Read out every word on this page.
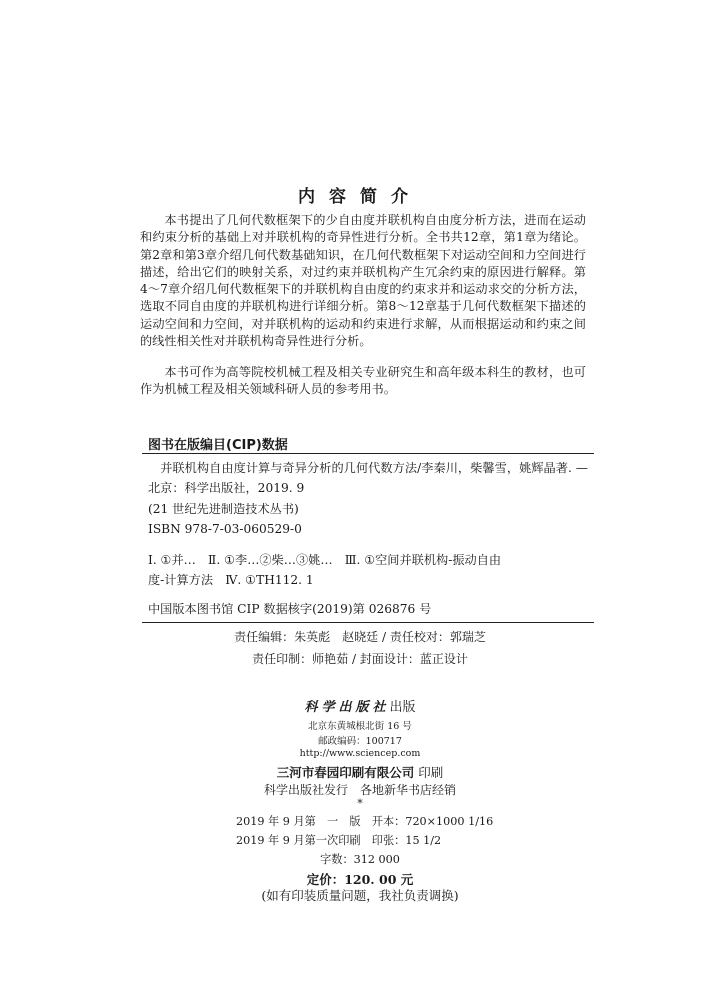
内容简介

本书提出了几何代数框架下的少自由度并联机构自由度分析方法，进而在运动和约束分析的基础上对并联机构的奇异性进行分析。全书共12章，第1章为绪论。第2章和第3章介绍几何代数基础知识，在几何代数框架下对运动空间和力空间进行描述，给出它们的映射关系，对过约束并联机构产生冗余约束的原因进行解释。第4～7章介绍几何代数框架下的并联机构自由度的约束求并和运动求交的分析方法，选取不同自由度的并联机构进行详细分析。第8～12章基于几何代数框架下描述的运动空间和力空间，对并联机构的运动和约束进行求解，从而根据运动和约束之间的线性相关性对并联机构奇异性进行分析。

本书可作为高等院校机械工程及相关专业研究生和高年级本科生的教材，也可作为机械工程及相关领域科研人员的参考用书。

图书在版编目(CIP)数据

并联机构自由度计算与奇异分析的几何代数方法/李秦川，柴馨雪，姚辉晶著. —北京：科学出版社，2019. 9

(21 世纪先进制造技术丛书)
ISBN 978-7-03-060529-0
Ⅰ. ①并…　Ⅱ. ①李…②柴…③姚…　Ⅲ. ①空间并联机构-振动自由
度-计算方法　Ⅳ. ①TH112. 1
中国版本图书馆 CIP 数据核字(2019)第 026876 号
责任编辑：朱英彪　赵晓廷 / 责任校对：郭瑞芝
责任印制：师艳茹 / 封面设计：蓝正设计
科学出版社出版
北京东黄城根北街 16 号
邮政编码：100717
http://www.sciencep.com
三河市春园印刷有限公司 印刷
科学出版社发行　各地新华书店经销
*
2019 年 9 月第　一　版　开本：720×1000 1/16
2019 年 9 月第一次印刷　印张：15 1/2
字数：312 000
定价：120. 00 元
(如有印装质量问题，我社负责调换)
